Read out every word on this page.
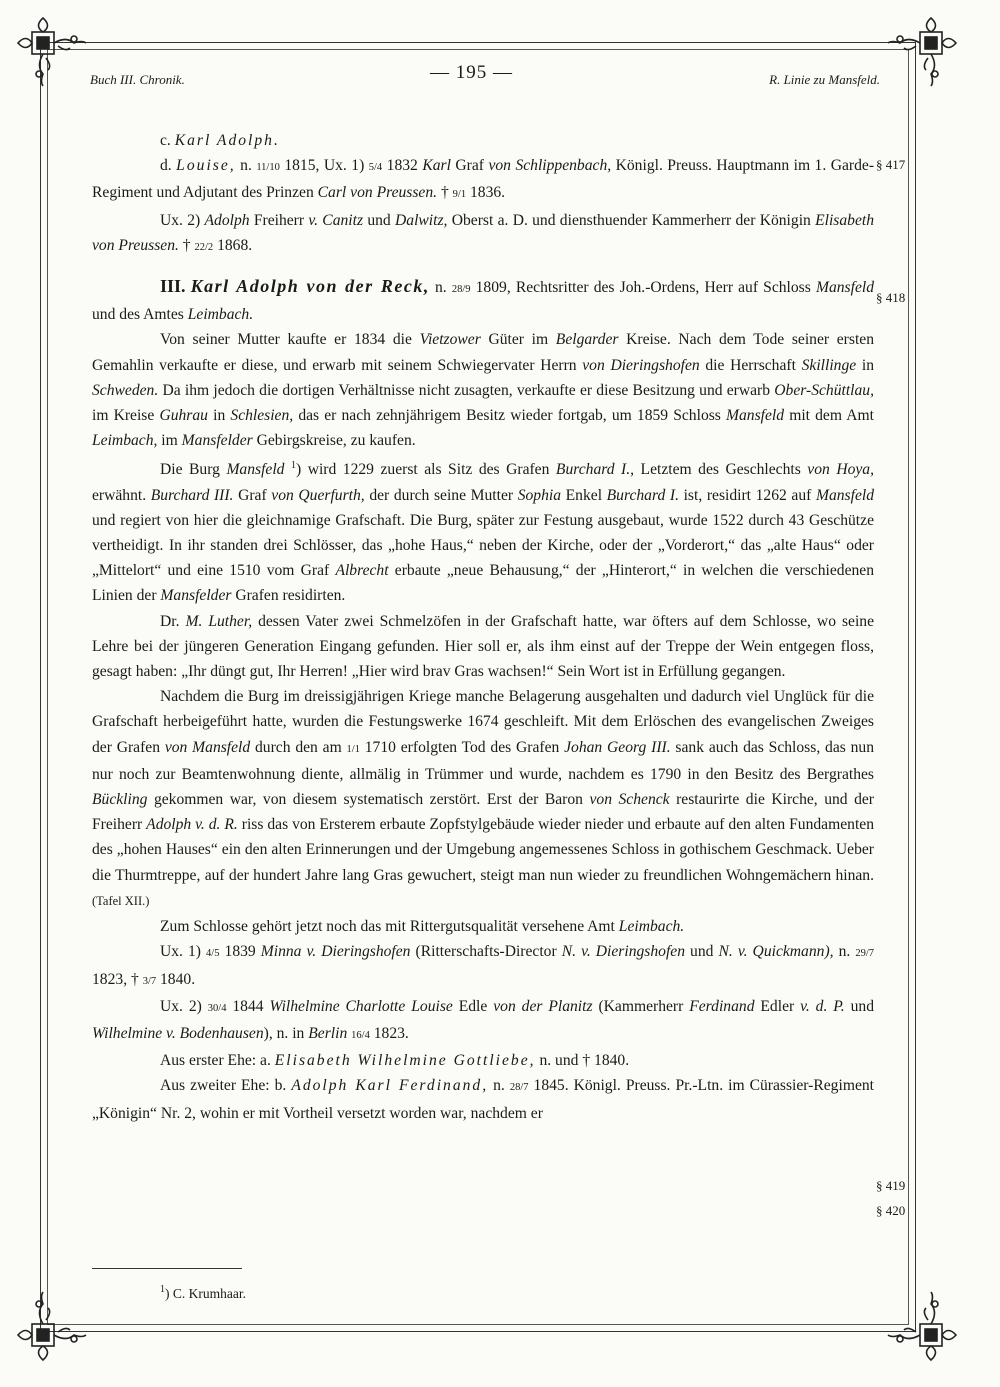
Buch III. Chronik.	— 195 —	R. Linie zu Mansfeld.
§ 417
§ 418
§ 419
§ 420

c. Karl Adolph.

d. Louise, n. 11/10 1815, Ux. 1) 5/4 1832 Karl Graf von Schlippenbach, Königl. Preuss. Hauptmann im 1. Garde-Regiment und Adjutant des Prinzen Carl von Preussen. † 9/1 1836.

Ux. 2) Adolph Freiherr v. Canitz und Dalwitz, Oberst a. D. und diensthuender Kammerherr der Königin Elisabeth von Preussen. † 22/2 1868.

III. Karl Adolph von der Reck, n. 28/9 1809, Rechtsritter des Joh.-Ordens, Herr auf Schloss Mansfeld und des Amtes Leimbach.

Von seiner Mutter kaufte er 1834 die Vietzower Güter im Belgarder Kreise. Nach dem Tode seiner ersten Gemahlin verkaufte er diese, und erwarb mit seinem Schwiegervater Herrn von Dieringshofen die Herrschaft Skillinge in Schweden. Da ihm jedoch die dortigen Verhältnisse nicht zusagten, verkaufte er diese Besitzung und erwarb Ober-Schüttlau, im Kreise Guhrau in Schlesien, das er nach zehnjährigem Besitz wieder fortgab, um 1859 Schloss Mansfeld mit dem Amt Leimbach, im Mansfelder Gebirgskreise, zu kaufen.

Die Burg Mansfeld $^1$) wird 1229 zuerst als Sitz des Grafen Burchard I., Letztem des Geschlechts von Hoya, erwähnt. Burchard III. Graf von Querfurth, der durch seine Mutter Sophia Enkel Burchard I. ist, residirt 1262 auf Mansfeld und regiert von hier die gleichnamige Grafschaft. Die Burg, später zur Festung ausgebaut, wurde 1522 durch 43 Geschütze vertheidigt. In ihr standen drei Schlösser, das „hohe Haus,“ neben der Kirche, oder der „Vorderort,“ das „alte Haus“ oder „Mittelort“ und eine 1510 vom Graf Albrecht erbaute „neue Behausung,“ der „Hinterort,“ in welchen die verschiedenen Linien der Mansfelder Grafen residirten.

Dr. M. Luther, dessen Vater zwei Schmelzöfen in der Grafschaft hatte, war öfters auf dem Schlosse, wo seine Lehre bei der jüngeren Generation Eingang gefunden. Hier soll er, als ihm einst auf der Treppe der Wein entgegen floss, gesagt haben: „Ihr düngt gut, Ihr Herren! „Hier wird brav Gras wachsen!“ Sein Wort ist in Erfüllung gegangen.

Nachdem die Burg im dreissigjährigen Kriege manche Belagerung ausgehalten und dadurch viel Unglück für die Grafschaft herbeigeführt hatte, wurden die Festungswerke 1674 geschleift. Mit dem Erlöschen des evangelischen Zweiges der Grafen von Mansfeld durch den am 1/1 1710 erfolgten Tod des Grafen Johan Georg III. sank auch das Schloss, das nun nur noch zur Beamtenwohnung diente, allmälig in Trümmer und wurde, nachdem es 1790 in den Besitz des Bergrathes Bückling gekommen war, von diesem systematisch zerstört. Erst der Baron von Schenck restaurirte die Kirche, und der Freiherr Adolph v. d. R. riss das von Ersterem erbaute Zopfstylgebäude wieder nieder und erbaute auf den alten Fundamenten des „hohen Hauses“ ein den alten Erinnerungen und der Umgebung angemessenes Schloss in gothischem Geschmack. Ueber die Thurmtreppe, auf der hundert Jahre lang Gras gewuchert, steigt man nun wieder zu freundlichen Wohngemächern hinan. (Tafel XII.)

Zum Schlosse gehört jetzt noch das mit Rittergutsqualität versehene Amt Leimbach.

Ux. 1) 4/5 1839 Minna v. Dieringshofen (Ritterschafts-Director N. v. Dieringshofen und N. v. Quickmann), n. 29/7 1823, † 3/7 1840.

Ux. 2) 30/4 1844 Wilhelmine Charlotte Louise Edle von der Planitz (Kammerherr Ferdinand Edler v. d. P. und Wilhelmine v. Bodenhausen), n. in Berlin 16/4 1823.

Aus erster Ehe: a. Elisabeth Wilhelmine Gottliebe, n. und † 1840.

Aus zweiter Ehe: b. Adolph Karl Ferdinand, n. 28/7 1845. Königl. Preuss. Pr.-Ltn. im Cürassier-Regiment „Königin“ Nr. 2, wohin er mit Vortheil versetzt worden war, nachdem er

$^1$) C. Krumhaar.
